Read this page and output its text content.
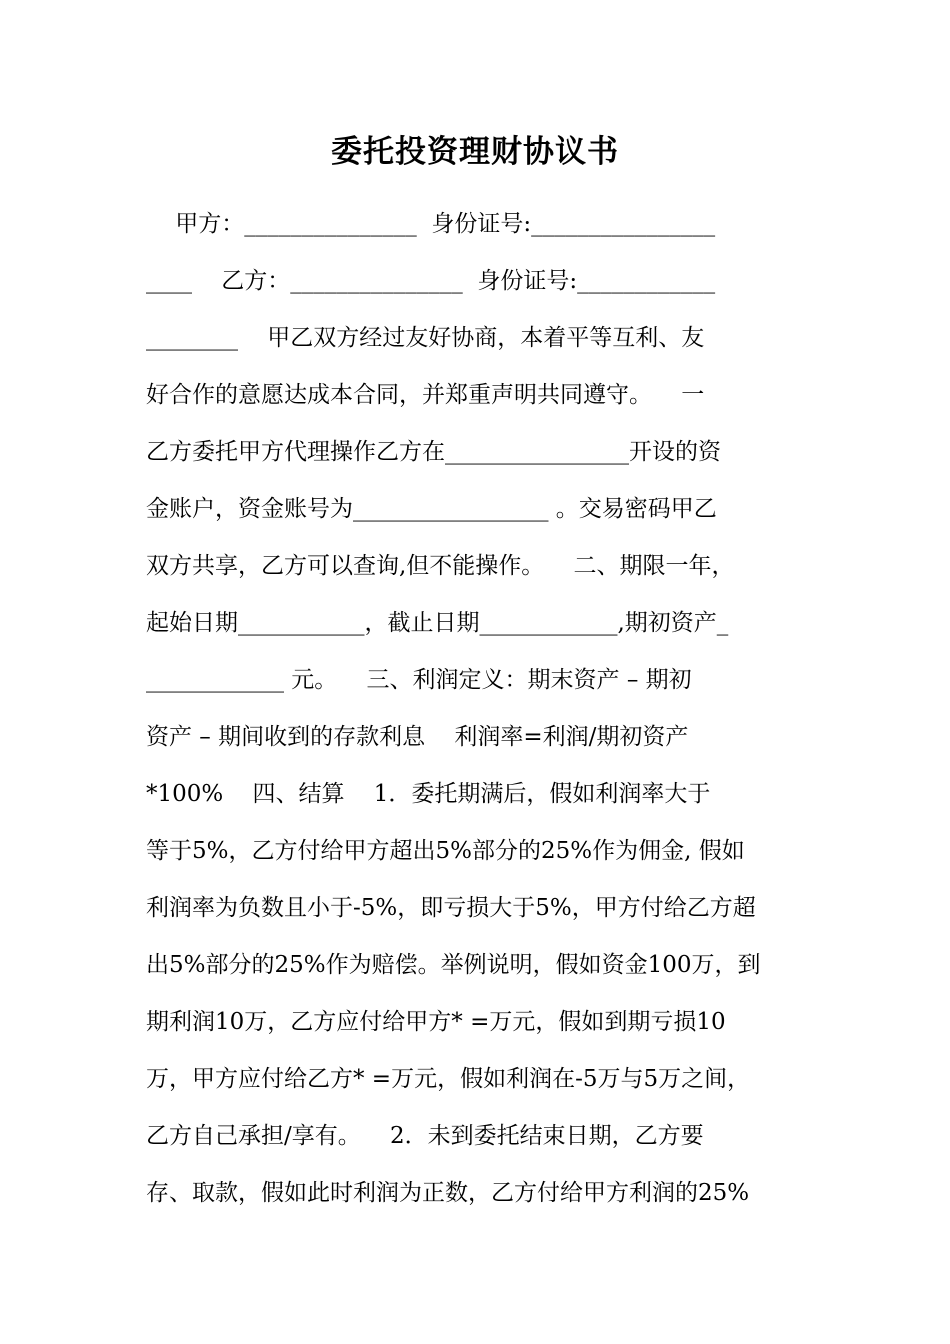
委托投资理财协议书
甲方：_______________  身份证号:________________
____    乙方：_______________  身份证号:____________
________    甲乙双方经过友好协商，本着平等互利、友
好合作的意愿达成本合同，并郑重声明共同遵守。    一
乙方委托甲方代理操作乙方在________________开设的资
金账户，资金账号为_________________ 。交易密码甲乙
双方共享，乙方可以查询,但不能操作。    二、期限一年，
起始日期___________，截止日期____________,期初资产_
____________ 元。    三、利润定义：期末资产 – 期初
资产 – 期间收到的存款利息    利润率=利润/期初资产
*100%    四、结算    1．委托期满后，假如利润率大于
等于5%，乙方付给甲方超出5%部分的25%作为佣金, 假如
利润率为负数且小于-5%，即亏损大于5%，甲方付给乙方超
出5%部分的25%作为赔偿。举例说明，假如资金100万，到
期利润10万，乙方应付给甲方* =万元，假如到期亏损10
万，甲方应付给乙方* =万元，假如利润在-5万与5万之间，
乙方自己承担/享有。    2．未到委托结束日期，乙方要
存、取款，假如此时利润为正数，乙方付给甲方利润的25%
